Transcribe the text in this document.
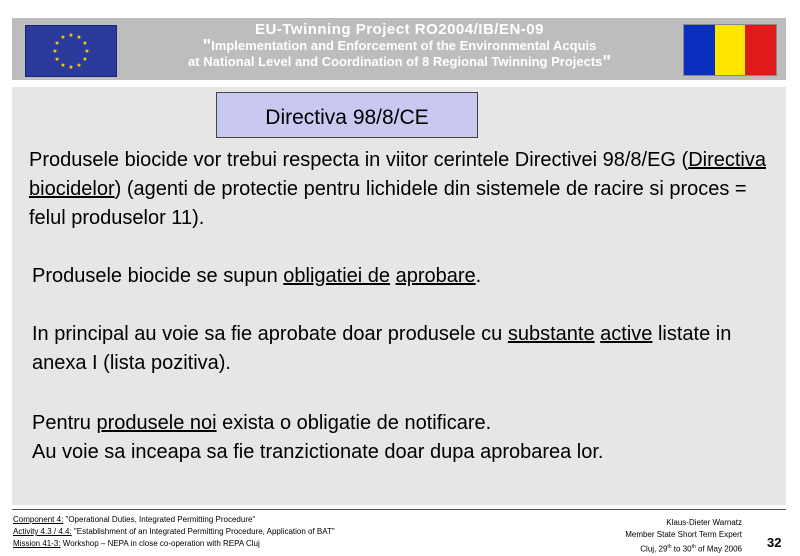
★ ★
★
★
★
★
★
★
★
★
★
★
EU-Twinning Project RO2004/IB/EN-09
"Implementation and Enforcement of the Environmental Acquis
at National Level and Coordination of 8 Regional Twinning Projects"
Directiva 98/8/CE
Produsele biocide vor trebui respecta in viitor cerintele Directivei 98/8/EG (Directiva biocidelor) (agenti de protectie pentru lichidele din sistemele de racire si proces = felul produselor 11).
Produsele biocide se supun obligatiei de aprobare.
In principal au voie sa fie aprobate doar produsele cu substante active listate in anexa I (lista pozitiva).
Pentru produsele noi exista o obligatie de notificare.
Au voie sa inceapa sa fie tranzictionate doar dupa aprobarea lor.
Component 4: "Operational Duties, Integrated Permitting Procedure"
Activity 4.3 / 4.4: "Establishment of an Integrated Permitting Procedure, Application of BAT"
Mission 41-3: Workshop – NEPA in close co-operation with REPA Cluj
Klaus-Dieter Warnatz
Member State Short Term Expert
Cluj, 29th to 30th of May 2006 32
